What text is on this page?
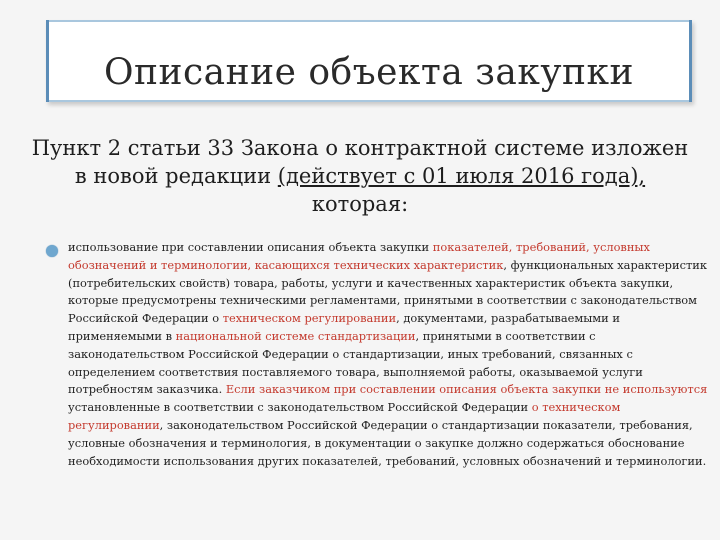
Описание объекта закупки
Пункт 2 статьи 33 Закона о контрактной системе изложен в новой редакции (действует с 01 июля 2016 года), которая:
использование при составлении описания объекта закупки показателей, требований, условных обозначений и терминологии, касающихся технических характеристик, функциональных характеристик (потребительских свойств) товара, работы, услуги и качественных характеристик объекта закупки, которые предусмотрены техническими регламентами, принятыми в соответствии с законодательством Российской Федерации о техническом регулировании, документами, разрабатываемыми и применяемыми в национальной системе стандартизации, принятыми в соответствии с законодательством Российской Федерации о стандартизации, иных требований, связанных с определением соответствия поставляемого товара, выполняемой работы, оказываемой услуги потребностям заказчика. Если заказчиком при составлении описания объекта закупки не используются установленные в соответствии с законодательством Российской Федерации о техническом регулировании, законодательством Российской Федерации о стандартизации показатели, требования, условные обозначения и терминология, в документации о закупке должно содержаться обоснование необходимости использования других показателей, требований, условных обозначений и терминологии.
